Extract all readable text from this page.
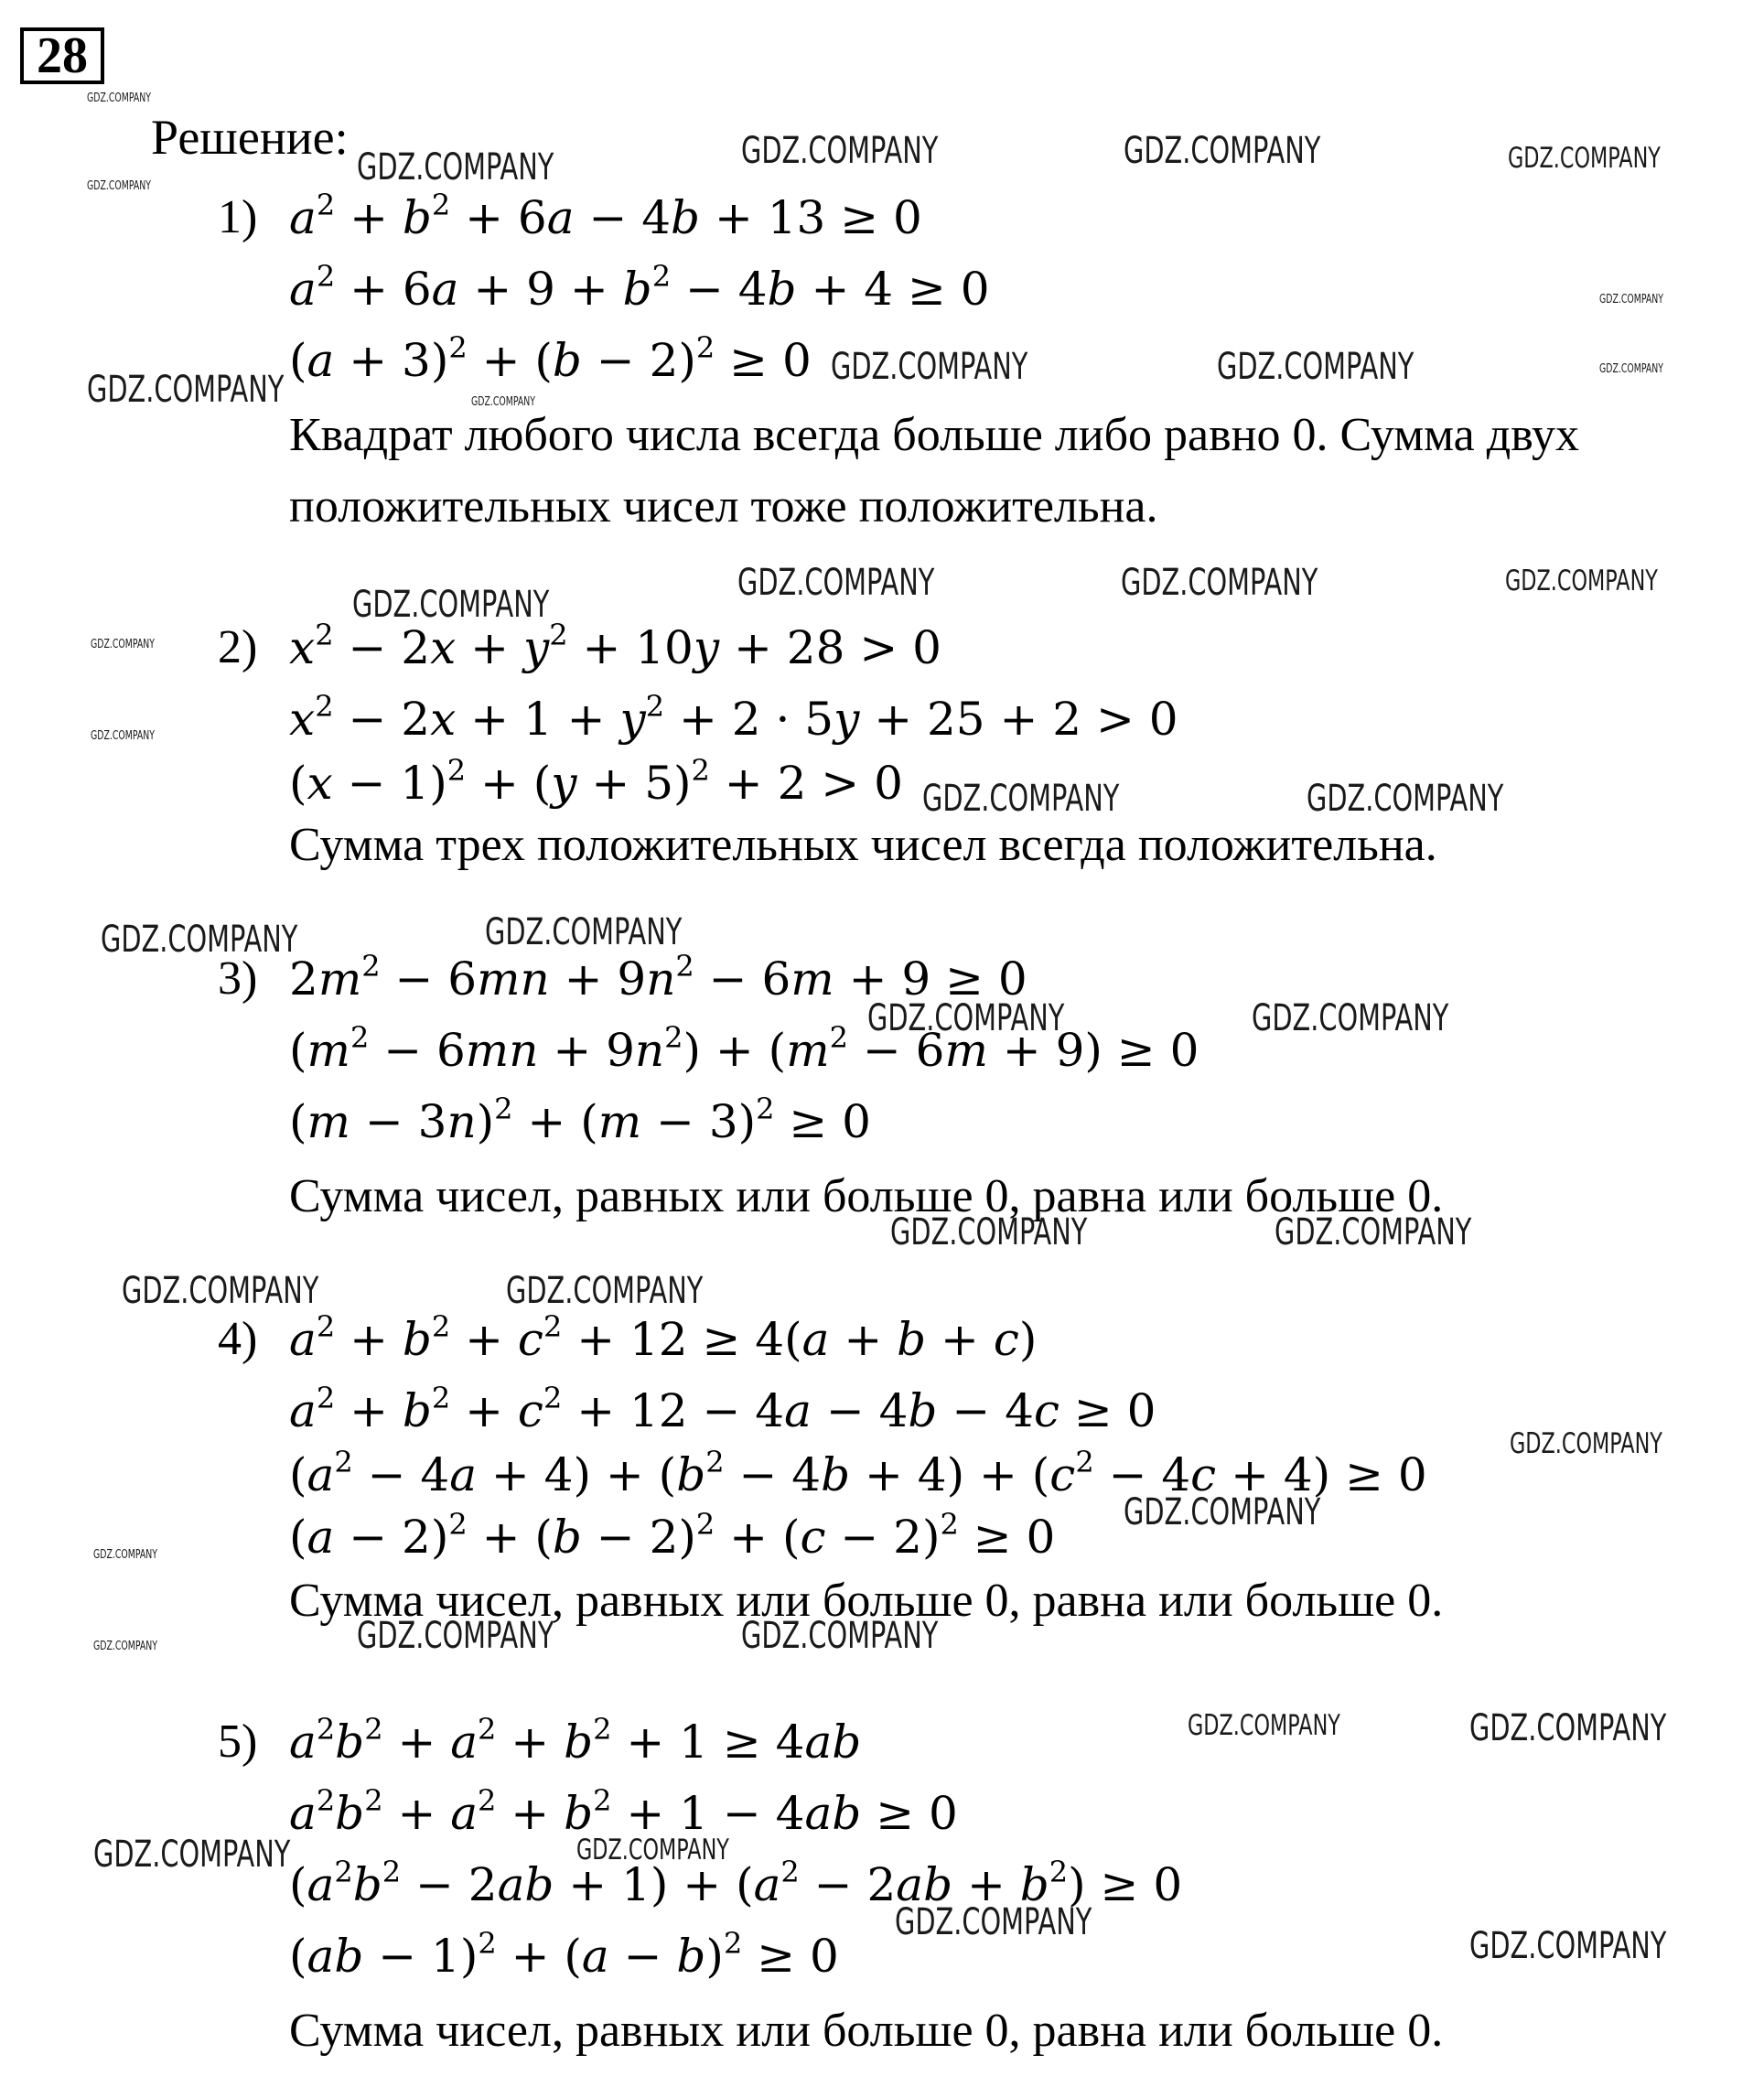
28
Решение:
1) $a^2 + b^2 + 6a - 4b + 13 \ge 0$
$a^2 + 6a + 9 + b^2 - 4b + 4 \ge 0$
$(a + 3)^2 + (b - 2)^2 \ge 0$
Квадрат любого числа всегда больше либо равно 0. Сумма двух
положительных чисел тоже положительна.
2) $x^2 - 2x + y^2 + 10y + 28 > 0$
$x^2 - 2x + 1 + y^2 + 2 \cdot 5y + 25 + 2 > 0$
$(x - 1)^2 + (y + 5)^2 + 2 > 0$
Сумма трех положительных чисел всегда положительна.
3) $2m^2 - 6mn + 9n^2 - 6m + 9 \ge 0$
$(m^2 - 6mn + 9n^2) + (m^2 - 6m + 9) \ge 0$
$(m - 3n)^2 + (m - 3)^2 \ge 0$
Сумма чисел, равных или больше 0, равна или больше 0.
4) $a^2 + b^2 + c^2 + 12 \ge 4(a + b + c)$
$a^2 + b^2 + c^2 + 12 - 4a - 4b - 4c \ge 0$
$(a^2 - 4a + 4) + (b^2 - 4b + 4) + (c^2 - 4c + 4) \ge 0$
$(a - 2)^2 + (b - 2)^2 + (c - 2)^2 \ge 0$
Сумма чисел, равных или больше 0, равна или больше 0.
5) $a^2b^2 + a^2 + b^2 + 1 \ge 4ab$
$a^2b^2 + a^2 + b^2 + 1 - 4ab \ge 0$
$(a^2b^2 - 2ab + 1) + (a^2 - 2ab + b^2) \ge 0$
$(ab - 1)^2 + (a - b)^2 \ge 0$
Сумма чисел, равных или больше 0, равна или больше 0.
GDZ.COMPANY
GDZ.COMPANY	GDZ.COMPANY	GDZ.COMPANY	GDZ.COMPANY	GDZ.COMPANY
GDZ.COMPANY
GDZ.COMPANY
GDZ.COMPANY
GDZ.COMPANY	GDZ.COMPANY
GDZ.COMPANY
GDZ.COMPANY
GDZ.COMPANY	GDZ.COMPANY	GDZ.COMPANY
GDZ.COMPANY
GDZ.COMPANY
GDZ.COMPANY	GDZ.COMPANY
GDZ.COMPANY	GDZ.COMPANY
GDZ.COMPANY	GDZ.COMPANY
GDZ.COMPANY	GDZ.COMPANY
GDZ.COMPANY	GDZ.COMPANY
GDZ.COMPANY
GDZ.COMPANY
GDZ.COMPANY
GDZ.COMPANY	GDZ.COMPANY	GDZ.COMPANY
GDZ.COMPANY	GDZ.COMPANY
GDZ.COMPANY	GDZ.COMPANY
GDZ.COMPANY
GDZ.COMPANY
